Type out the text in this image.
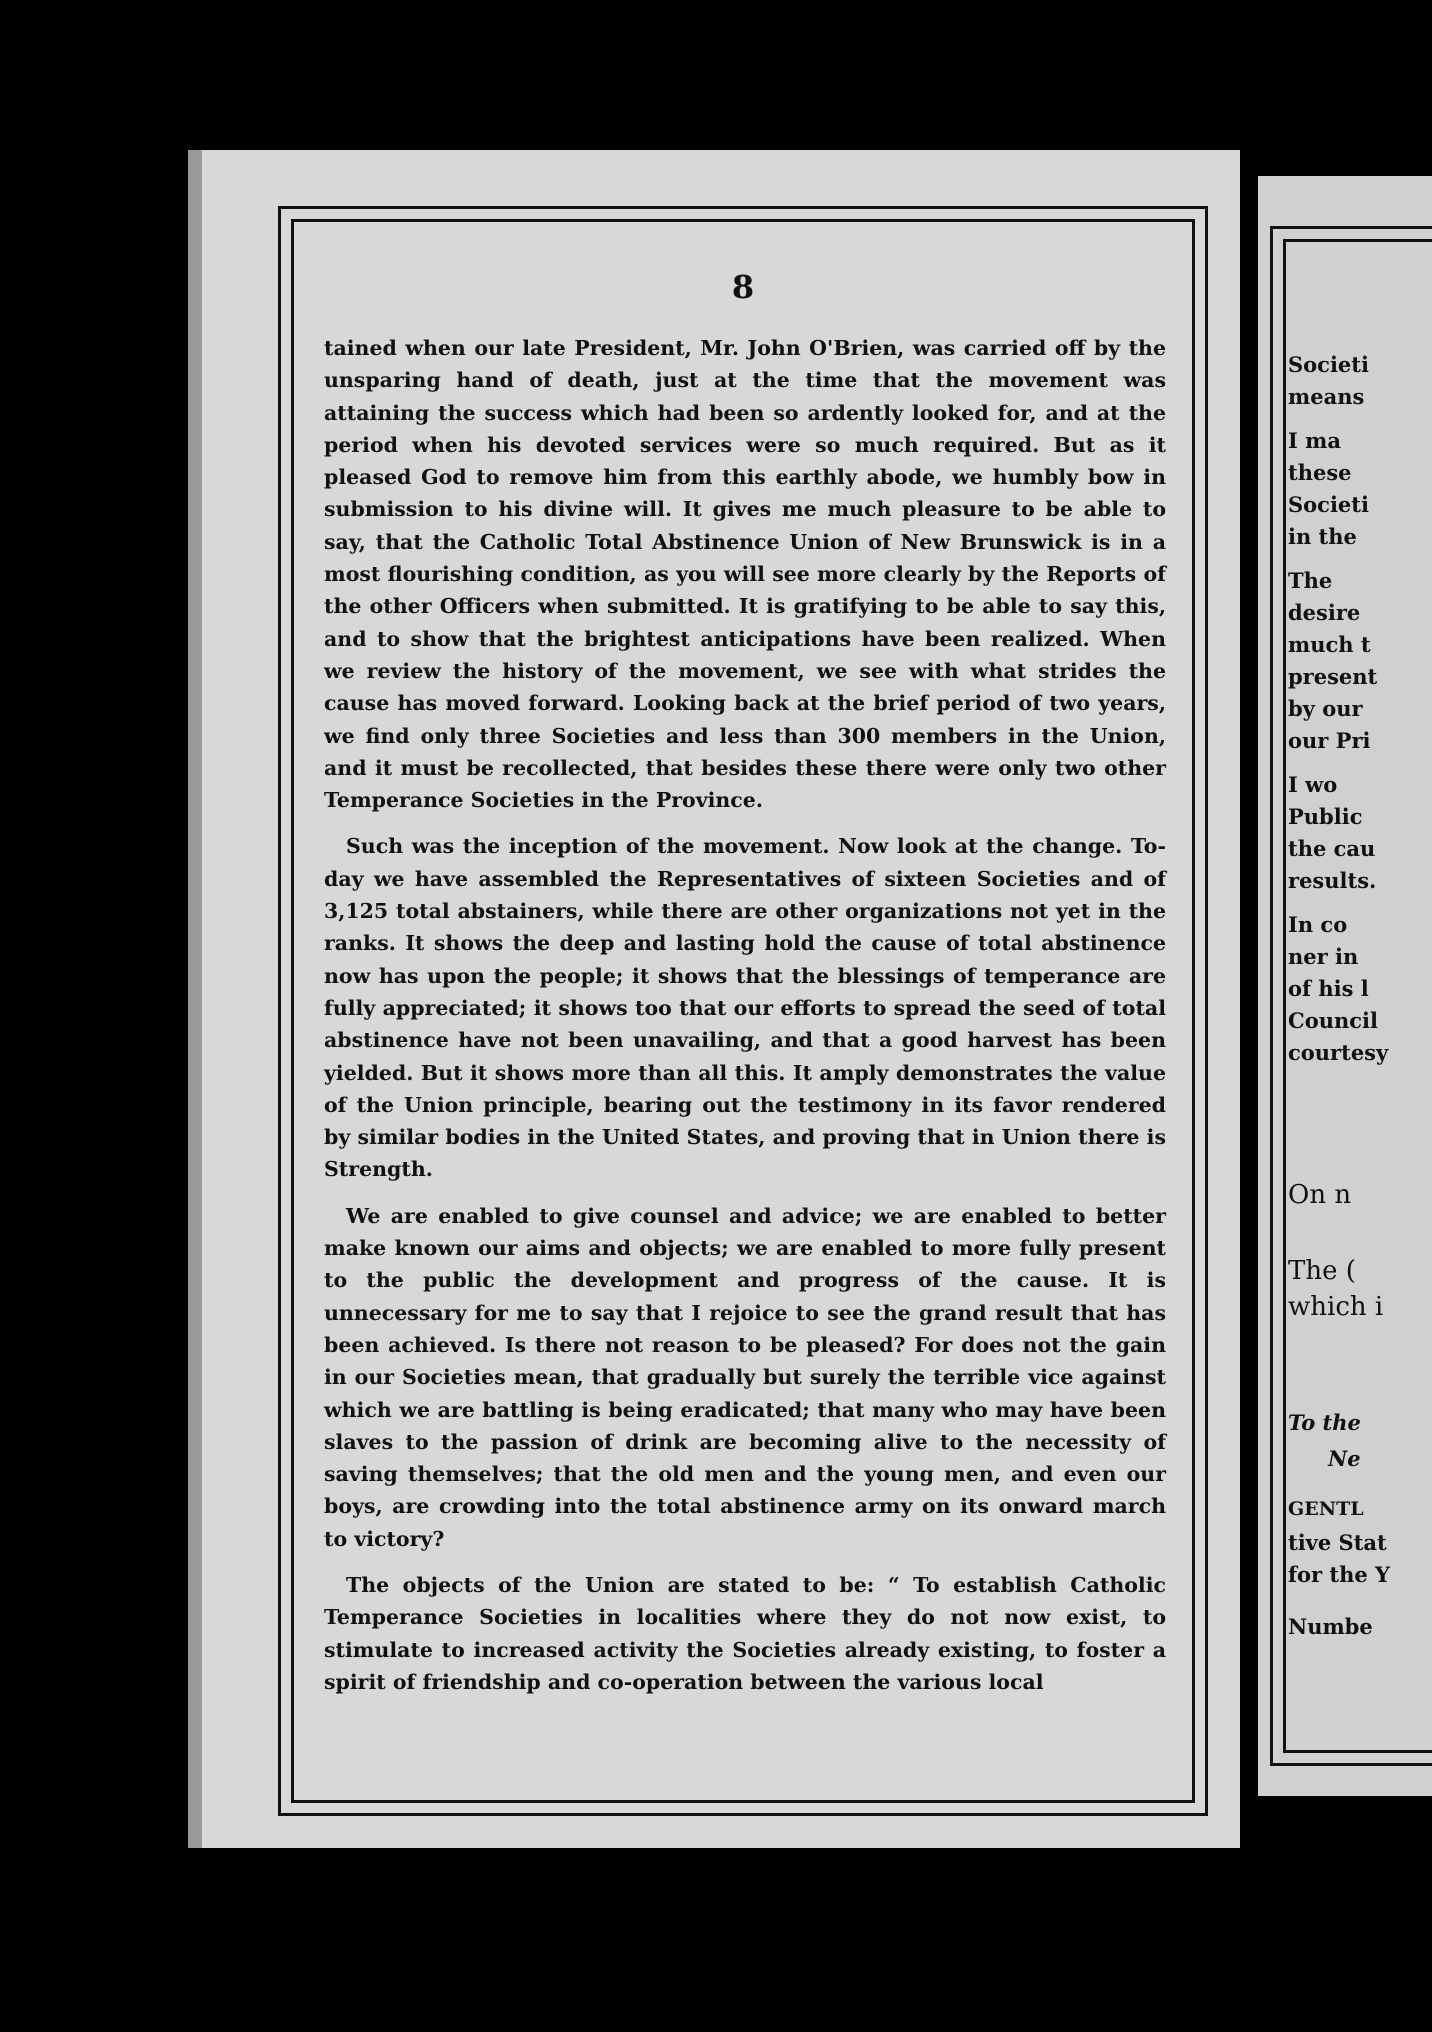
8

tained when our late President, Mr. John O'Brien, was carried off by the unsparing hand of death, just at the time that the movement was attaining the success which had been so ardently looked for, and at the period when his devoted services were so much required. But as it pleased God to remove him from this earthly abode, we humbly bow in submission to his divine will. It gives me much pleasure to be able to say, that the Catholic Total Abstinence Union of New Brunswick is in a most flourishing condition, as you will see more clearly by the Reports of the other Officers when submitted. It is gratifying to be able to say this, and to show that the brightest anticipations have been realized. When we review the history of the movement, we see with what strides the cause has moved forward. Looking back at the brief period of two years, we find only three Societies and less than 300 members in the Union, and it must be recollected, that besides these there were only two other Temperance Societies in the Province.

Such was the inception of the movement. Now look at the change. To-day we have assembled the Representatives of sixteen Societies and of 3,125 total abstainers, while there are other organizations not yet in the ranks. It shows the deep and lasting hold the cause of total abstinence now has upon the people; it shows that the blessings of temperance are fully appreciated; it shows too that our efforts to spread the seed of total abstinence have not been unavailing, and that a good harvest has been yielded. But it shows more than all this. It amply demonstrates the value of the Union principle, bearing out the testimony in its favor rendered by similar bodies in the United States, and proving that in Union there is Strength.

We are enabled to give counsel and advice; we are enabled to better make known our aims and objects; we are enabled to more fully present to the public the development and progress of the cause. It is unnecessary for me to say that I rejoice to see the grand result that has been achieved. Is there not reason to be pleased? For does not the gain in our Societies mean, that gradually but surely the terrible vice against which we are battling is being eradicated; that many who may have been slaves to the passion of drink are becoming alive to the necessity of saving themselves; that the old men and the young men, and even our boys, are crowding into the total abstinence army on its onward march to victory?

The objects of the Union are stated to be: “ To establish Catholic Temperance Societies in localities where they do not now exist, to stimulate to increased activity the Societies already existing, to foster a spirit of friendship and co-operation between the various local

Societi
means
I ma
these
Societi
in the
The
desire
much t
present
by our
our Pri
I wo
Public
the cau
results.
In co
ner in
of his l
Council
courtesy
On n
The (
which i
To the
Ne
GENTL
tive Stat
for the Y
Numbe
